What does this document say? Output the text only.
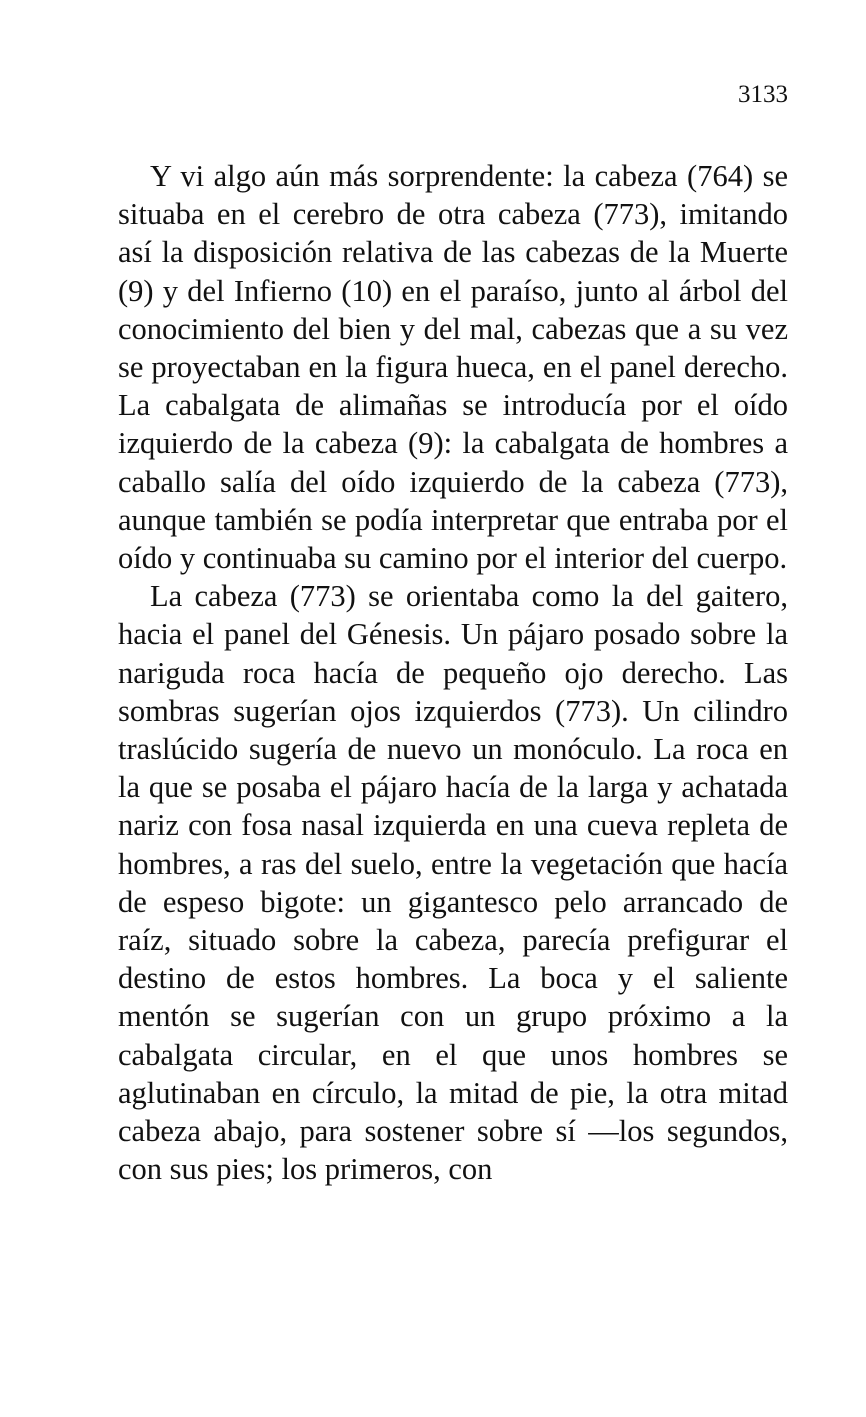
3133

Y vi algo aún más sorprendente: la cabeza (764) se situaba en el cerebro de otra cabeza (773), imitando así la disposición relativa de las cabezas de la Muerte (9) y del Infierno (10) en el paraíso, junto al árbol del conocimiento del bien y del mal, cabezas que a su vez se proyectaban en la figura hueca, en el panel derecho. La cabalgata de alimañas se introducía por el oído izquierdo de la cabeza (9): la cabalgata de hombres a caballo salía del oído izquierdo de la cabeza (773), aunque también se podía interpretar que entraba por el oído y continuaba su camino por el interior del cuerpo.

La cabeza (773) se orientaba como la del gaitero, hacia el panel del Génesis. Un pájaro posado sobre la nariguda roca hacía de pequeño ojo derecho. Las sombras sugerían ojos izquierdos (773). Un cilindro traslúcido sugería de nuevo un monóculo. La roca en la que se posaba el pájaro hacía de la larga y achatada nariz con fosa nasal izquierda en una cueva repleta de hombres, a ras del suelo, entre la vegetación que hacía de espeso bigote: un gigantesco pelo arrancado de raíz, situado sobre la cabeza, parecía prefigurar el destino de estos hombres. La boca y el saliente mentón se sugerían con un grupo próximo a la cabalgata circular, en el que unos hombres se aglutinaban en círculo, la mitad de pie, la otra mitad cabeza abajo, para sostener sobre sí —los segundos, con sus pies; los primeros, con
